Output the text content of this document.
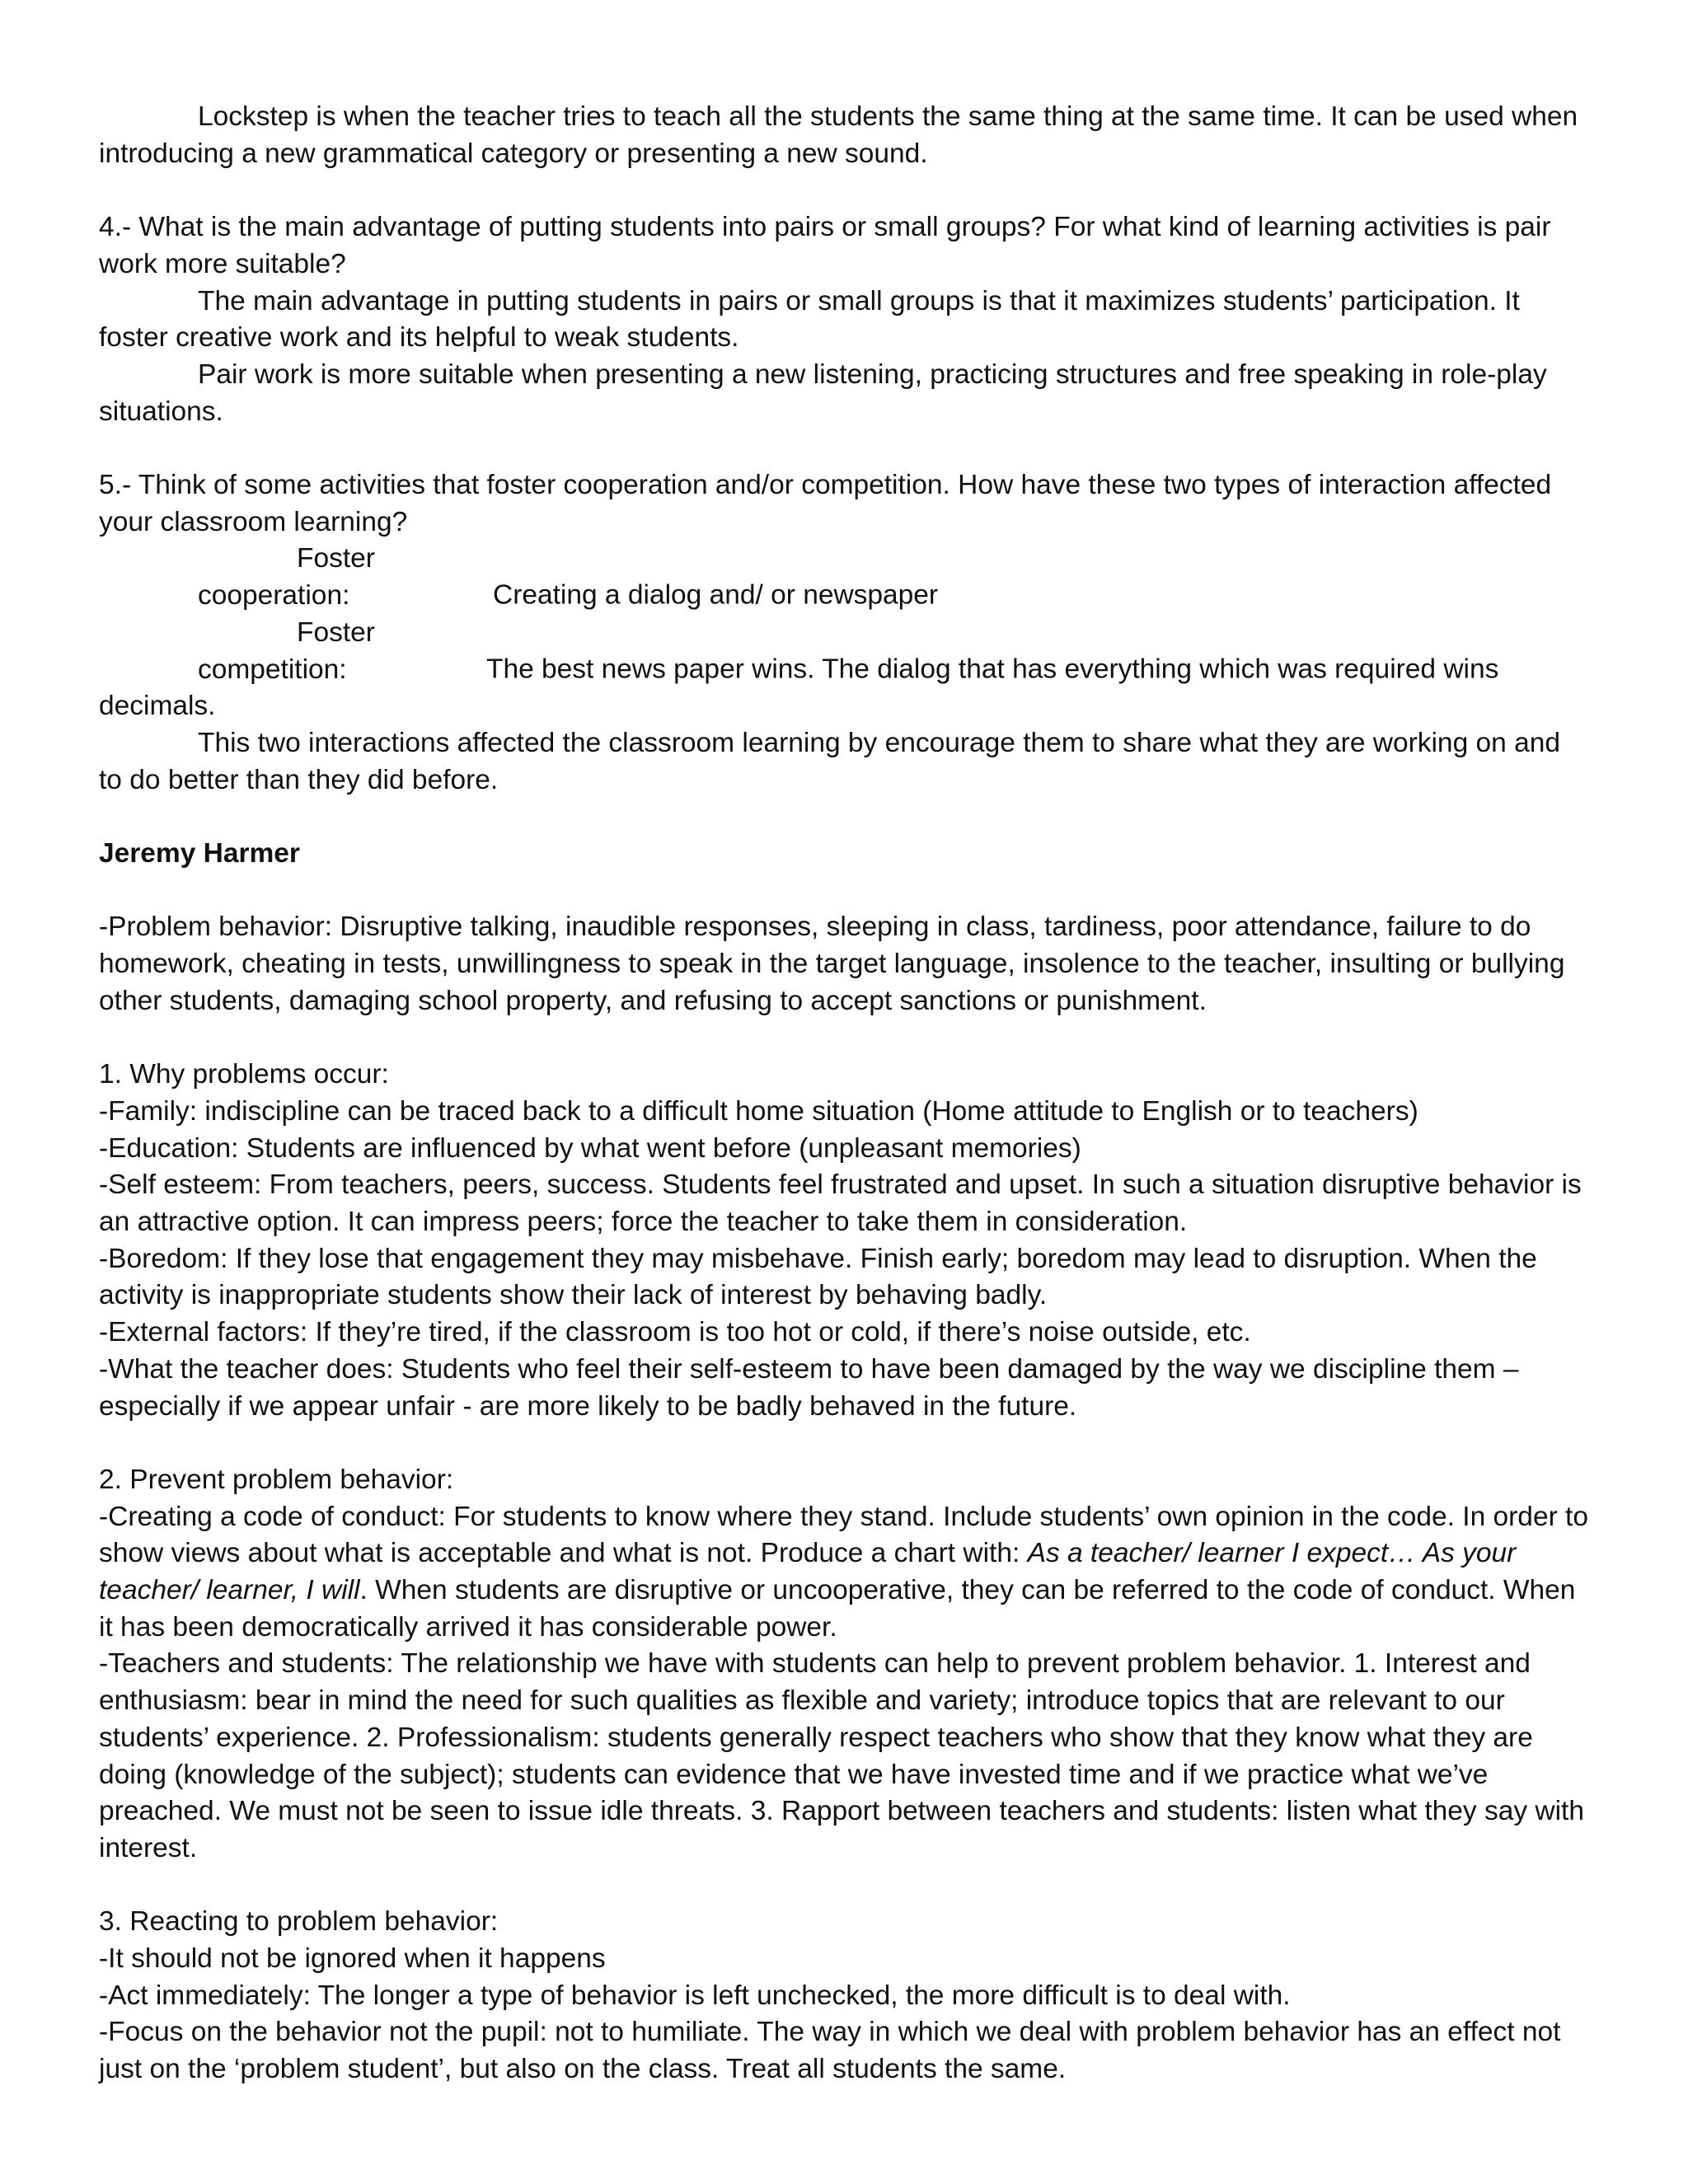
Lockstep is when the teacher tries to teach all the students the same thing at the same time. It can be used when introducing a new grammatical category or presenting a new sound.

4.- What is the main advantage of putting students into pairs or small groups? For what kind of learning activities is pair work more suitable?

The main advantage in putting students in pairs or small groups is that it maximizes students’ participation. It foster creative work and its helpful to weak students.

Pair work is more suitable when presenting a new listening, practicing structures and free speaking in role-play situations.

5.- Think of some activities that foster cooperation and/or competition. How have these two types of interaction affected your classroom learning?

Foster cooperation:	Creating a dialog and/ or newspaper

Foster competition:	The best news paper wins. The dialog that has everything which was required wins decimals.

This two interactions affected the classroom learning by encourage them to share what they are working on and to do better than they did before.

Jeremy Harmer

-Problem behavior: Disruptive talking, inaudible responses, sleeping in class, tardiness, poor attendance, failure to do homework, cheating in tests, unwillingness to speak in the target language, insolence to the teacher, insulting or bullying other students, damaging school property, and refusing to accept sanctions or punishment.

1. Why problems occur:

-Family: indiscipline can be traced back to a difficult home situation (Home attitude to English or to teachers)

-Education: Students are influenced by what went before (unpleasant memories)

-Self esteem: From teachers, peers, success. Students feel frustrated and upset. In such a situation disruptive behavior is an attractive option. It can impress peers; force the teacher to take them in consideration.

-Boredom: If they lose that engagement they may misbehave. Finish early; boredom may lead to disruption. When the activity is inappropriate students show their lack of interest by behaving badly.

-External factors: If they’re tired, if the classroom is too hot or cold, if there’s noise outside, etc.

-What the teacher does: Students who feel their self-esteem to have been damaged by the way we discipline them – especially if we appear unfair - are more likely to be badly behaved in the future.

2. Prevent problem behavior:

-Creating a code of conduct: For students to know where they stand. Include students’ own opinion in the code. In order to show views about what is acceptable and what is not. Produce a chart with: As a teacher/ learner I expect… As your teacher/ learner, I will. When students are disruptive or uncooperative, they can be referred to the code of conduct. When it has been democratically arrived it has considerable power.

-Teachers and students: The relationship we have with students can help to prevent problem behavior. 1. Interest and enthusiasm: bear in mind the need for such qualities as flexible and variety; introduce topics that are relevant to our students’ experience. 2. Professionalism: students generally respect teachers who show that they know what they are doing (knowledge of the subject); students can evidence that we have invested time and if we practice what we’ve preached. We must not be seen to issue idle threats. 3. Rapport between teachers and students: listen what they say with interest.

3. Reacting to problem behavior:

-It should not be ignored when it happens

-Act immediately: The longer a type of behavior is left unchecked, the more difficult is to deal with.

-Focus on the behavior not the pupil: not to humiliate. The way in which we deal with problem behavior has an effect not just on the ‘problem student’, but also on the class. Treat all students the same.
